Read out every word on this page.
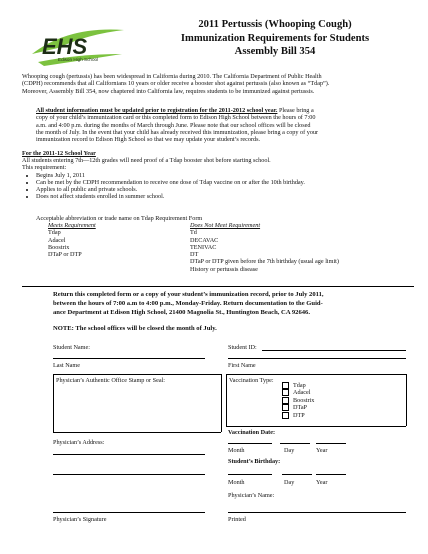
EHS
Edison High School
2011 Pertussis (Whooping Cough)
Immunization Requirements for Students
Assembly Bill 354
Whooping cough (pertussis) has been widespread in California during 2010. The California Department of Public Health
(CDPH) recommends that all Californians 10 years or older receive a booster shot against pertussis (also known as “Tdap”).
Moreover, Assembly Bill 354, now chaptered into California law, requires students to be immunized against pertussis.
All student information must be updated prior to registration for the 2011-2012 school year. Please bring a
copy of your child’s immunization card or this completed form to Edison High School between the hours of 7:00
a.m. and 4:00 p.m. during the months of March through June. Please note that our school offices will be closed
the month of July. In the event that your child has already received this immunization, please bring a copy of your
immunization record to Edison High School so that we may update your student’s records.
For the 2011-12 School Year
All students entering 7th—12th grades will need proof of a Tdap booster shot before starting school.
This requirement:
• Begins July 1, 2011
• Can be met by the CDPH recommendation to receive one dose of Tdap vaccine on or after the 10th birthday.
• Applies to all public and private schools.
• Does not affect students enrolled in summer school.
Acceptable abbreviation or trade name on Tdap Requirement Form
Meets Requirement
Tdap
Adacel
Boostrix
DTaP or DTP
Does Not Meet Requirement
Td
DECAVAC
TENIVAC
DT
DTaP or DTP given before the 7th birthday (usual age limit)
History or pertussis disease
Return this completed form or a copy of your student’s immunization record, prior to July 2011,
between the hours of 7:00 a.m to 4:00 p.m., Monday-Friday. Return documentation to the Guid-
ance Department at Edison High School, 21400 Magnolia St., Huntington Beach, CA 92646.
NOTE: The school offices will be closed the month of July.
Student Name:	Student ID:
Last Name	First Name
Physician’s Authentic Office Stamp or Seal:	Vaccination Type:
Tdap
Adacel
Boostrix
DTaP
DTP
Vaccination Date:
Month	Day	Year
Physician’s Address:
Student’s Birthday:
Month	Day	Year
Physician’s Name:
Printed
Physician’s Signature
